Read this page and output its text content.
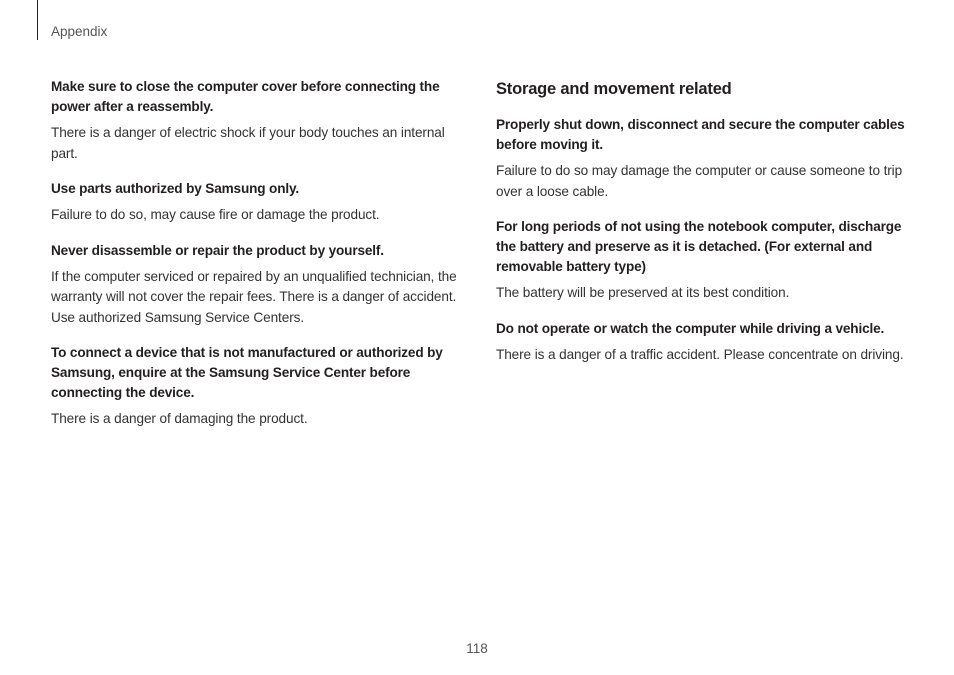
Appendix

Make sure to close the computer cover before connecting the power after a reassembly.

There is a danger of electric shock if your body touches an internal part.

Use parts authorized by Samsung only.

Failure to do so, may cause fire or damage the product.

Never disassemble or repair the product by yourself.

If the computer serviced or repaired by an unqualified technician, the warranty will not cover the repair fees. There is a danger of accident. Use authorized Samsung Service Centers.

To connect a device that is not manufactured or authorized by Samsung, enquire at the Samsung Service Center before connecting the device.

There is a danger of damaging the product.

Storage and movement related

Properly shut down, disconnect and secure the computer cables before moving it.

Failure to do so may damage the computer or cause someone to trip over a loose cable.

For long periods of not using the notebook computer, discharge the battery and preserve as it is detached. (For external and removable battery type)

The battery will be preserved at its best condition.

Do not operate or watch the computer while driving a vehicle.

There is a danger of a traffic accident. Please concentrate on driving.

118
